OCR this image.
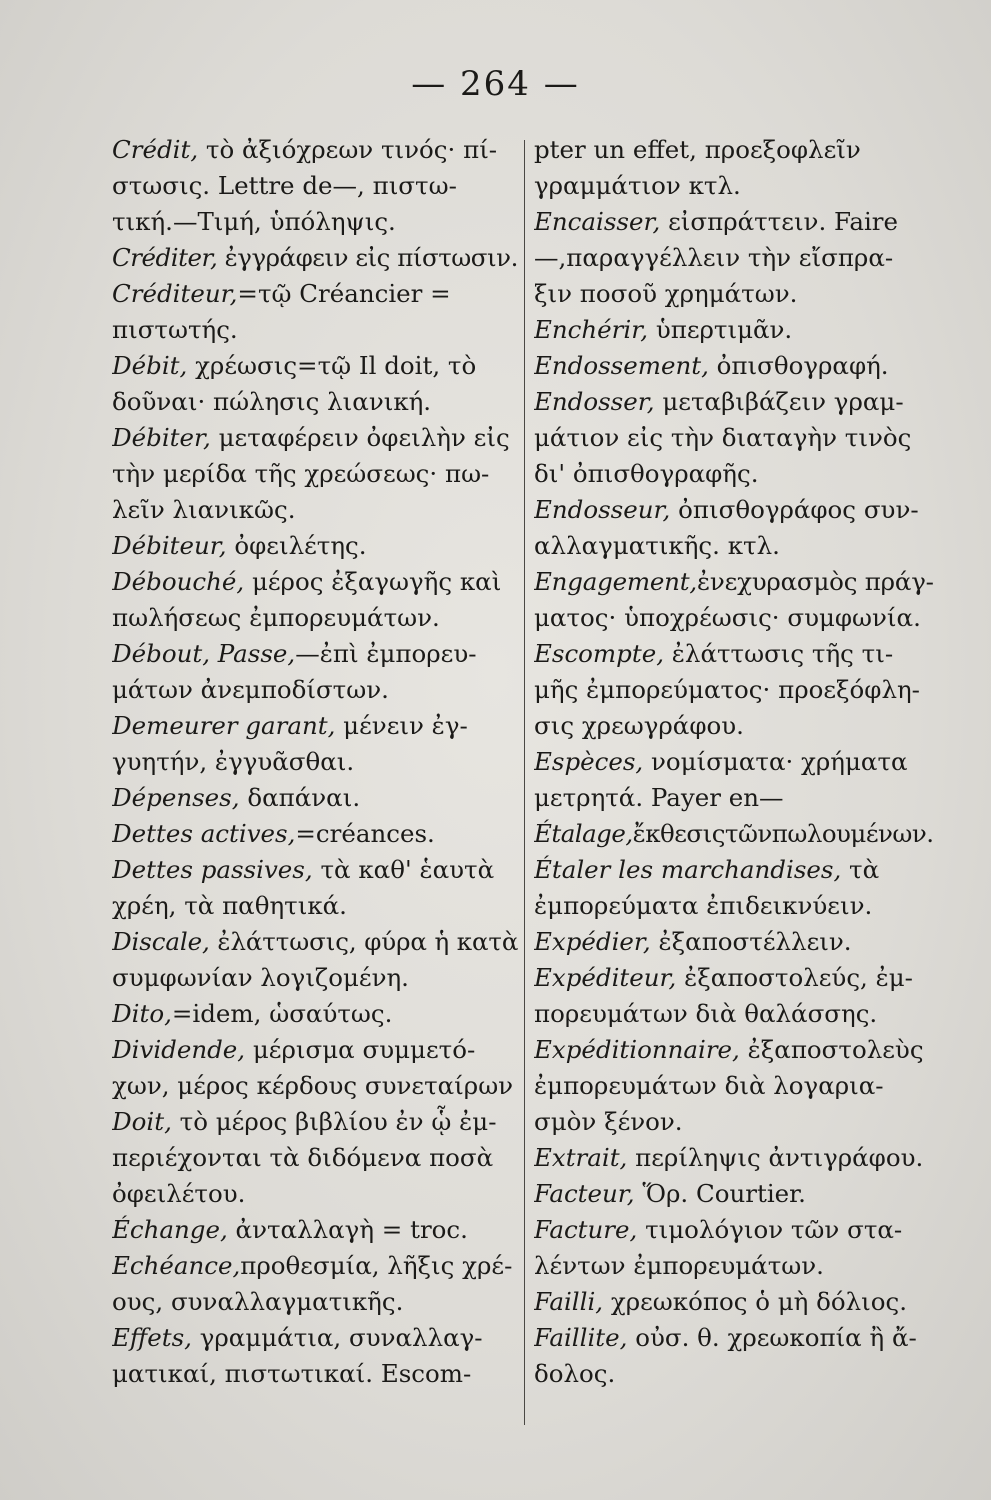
— 264 —
Crédit, τὸ ἀξιόχρεων τινός· πί-
στωσις. Lettre de—, πιστω-
τική.—Τιμή, ὑπόληψις.
Créditer, ἐγγράφειν εἰς πίστωσιν.
Créditeur,=τῷ Créancier =
πιστωτής.
Débit, χρέωσις=τῷ Il doit, τὸ
δοῦναι· πώλησις λιανική.
Débiter, μεταφέρειν ὀφειλὴν εἰς
τὴν μερίδα τῆς χρεώσεως· πω-
λεῖν λιανικῶς.
Débiteur, ὀφειλέτης.
Débouché, μέρος ἐξαγωγῆς καὶ
πωλήσεως ἐμπορευμάτων.
Débout, Passe,—ἐπὶ ἐμπορευ-
μάτων ἀνεμποδίστων.
Demeurer garant, μένειν ἐγ-
γυητήν, ἐγγυᾶσθαι.
Dépenses, δαπάναι.
Dettes actives,=créances.
Dettes passives, τὰ καθ' ἑαυτὰ
χρέη, τὰ παθητικά.
Discale, ἐλάττωσις, φύρα ἡ κατὰ
συμφωνίαν λογιζομένη.
Dito,=idem, ὡσαύτως.
Dividende, μέρισμα συμμετό-
χων, μέρος κέρδους συνεταίρων
Doit, τὸ μέρος βιβλίου ἐν ᾧ ἐμ-
περιέχονται τὰ διδόμενα ποσὰ
ὀφειλέτου.
Échange, ἀνταλλαγὴ = troc.
Echéance,προθεσμία, λῆξις χρέ-
ους, συναλλαγματικῆς.
Effets, γραμμάτια, συναλλαγ-
ματικαί, πιστωτικαί. Escom-
pter un effet, προεξοφλεῖν
γραμμάτιον κτλ.
Encaisser, εἰσπράττειν. Faire
—,παραγγέλλειν τὴν εἴσπρα-
ξιν ποσοῦ χρημάτων.
Enchérir, ὑπερτιμᾶν.
Endossement, ὀπισθογραφή.
Endosser, μεταβιβάζειν γραμ-
μάτιον εἰς τὴν διαταγὴν τινὸς
δι' ὀπισθογραφῆς.
Endosseur, ὀπισθογράφος συν-
αλλαγματικῆς. κτλ.
Engagement,ἐνεχυρασμὸς πράγ-
ματος· ὑποχρέωσις· συμφωνία.
Escompte, ἐλάττωσις τῆς τι-
μῆς ἐμπορεύματος· προεξόφλη-
σις χρεωγράφου.
Espèces, νομίσματα· χρήματα
μετρητά. Payer en—
Étalage,ἔκθεσιςτῶνπωλουμένων.
Étaler les marchandises, τὰ
ἐμπορεύματα ἐπιδεικνύειν.
Expédier, ἐξαποστέλλειν.
Expéditeur, ἐξαποστολεύς, ἐμ-
πορευμάτων διὰ θαλάσσης.
Expéditionnaire, ἐξαποστολεὺς
ἐμπορευμάτων διὰ λογαρια-
σμὸν ξένον.
Extrait, περίληψις ἀντιγράφου.
Facteur, Ὅρ. Courtier.
Facture, τιμολόγιον τῶν στα-
λέντων ἐμπορευμάτων.
Failli, χρεωκόπος ὁ μὴ δόλιος.
Faillite, οὐσ. θ. χρεωκοπία ἢ ἄ-
δολος.
